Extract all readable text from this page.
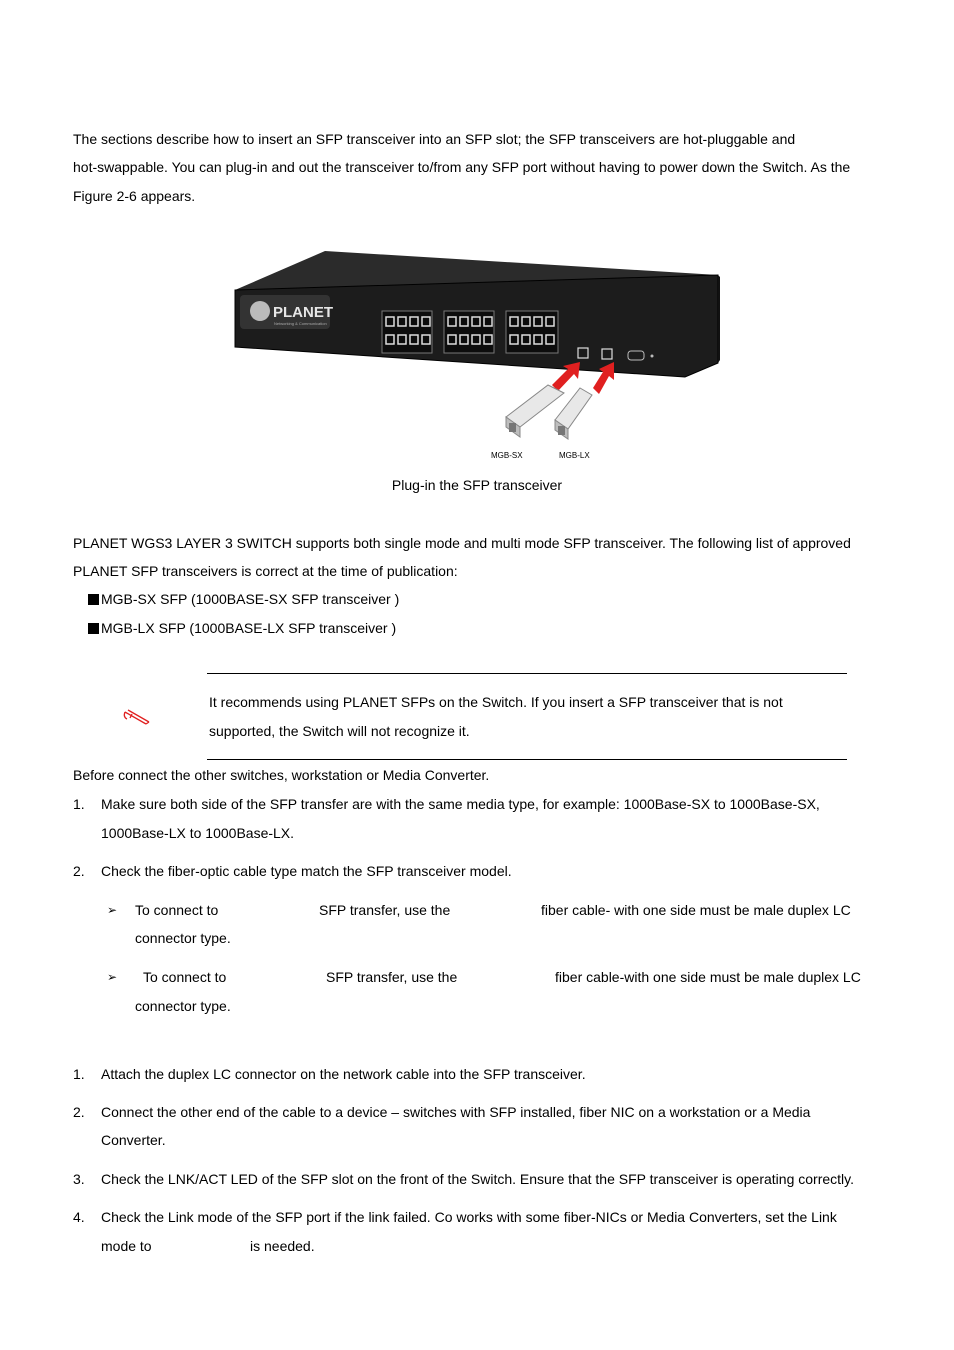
The sections describe how to insert an SFP transceiver into an SFP slot; the SFP transceivers are hot-pluggable and
hot-swappable. You can plug-in and out the transceiver to/from any SFP port without having to power down the Switch. As the
Figure 2-6 appears.
PLANET
Networking & Communication
MGB-SX	MGB-LX
Plug-in the SFP transceiver
PLANET WGS3 LAYER 3 SWITCH supports both single mode and multi mode SFP transceiver. The following list of approved
PLANET SFP transceivers is correct at the time of publication:
MGB-SX SFP (1000BASE-SX SFP transceiver )
MGB-LX SFP (1000BASE-LX SFP transceiver )
It recommends using PLANET SFPs on the Switch. If you insert a SFP transceiver that is not
supported, the Switch will not recognize it.
Before connect the other switches, workstation or Media Converter.
1. Make sure both side of the SFP transfer are with the same media type, for example: 1000Base-SX to 1000Base-SX,
1000Base-LX to 1000Base-LX.
2. Check the fiber-optic cable type match the SFP transceiver model.
➢ To connect to	SFP transfer, use the	fiber cable- with one side must be male duplex LC
connector type.
➢ To connect to	SFP transfer, use the	fiber cable-with one side must be male duplex LC
connector type.
1. Attach the duplex LC connector on the network cable into the SFP transceiver.
2. Connect the other end of the cable to a device – switches with SFP installed, fiber NIC on a workstation or a Media
Converter.
3. Check the LNK/ACT LED of the SFP slot on the front of the Switch. Ensure that the SFP transceiver is operating correctly.
4. Check the Link mode of the SFP port if the link failed. Co works with some fiber-NICs or Media Converters, set the Link
mode to	is needed.
